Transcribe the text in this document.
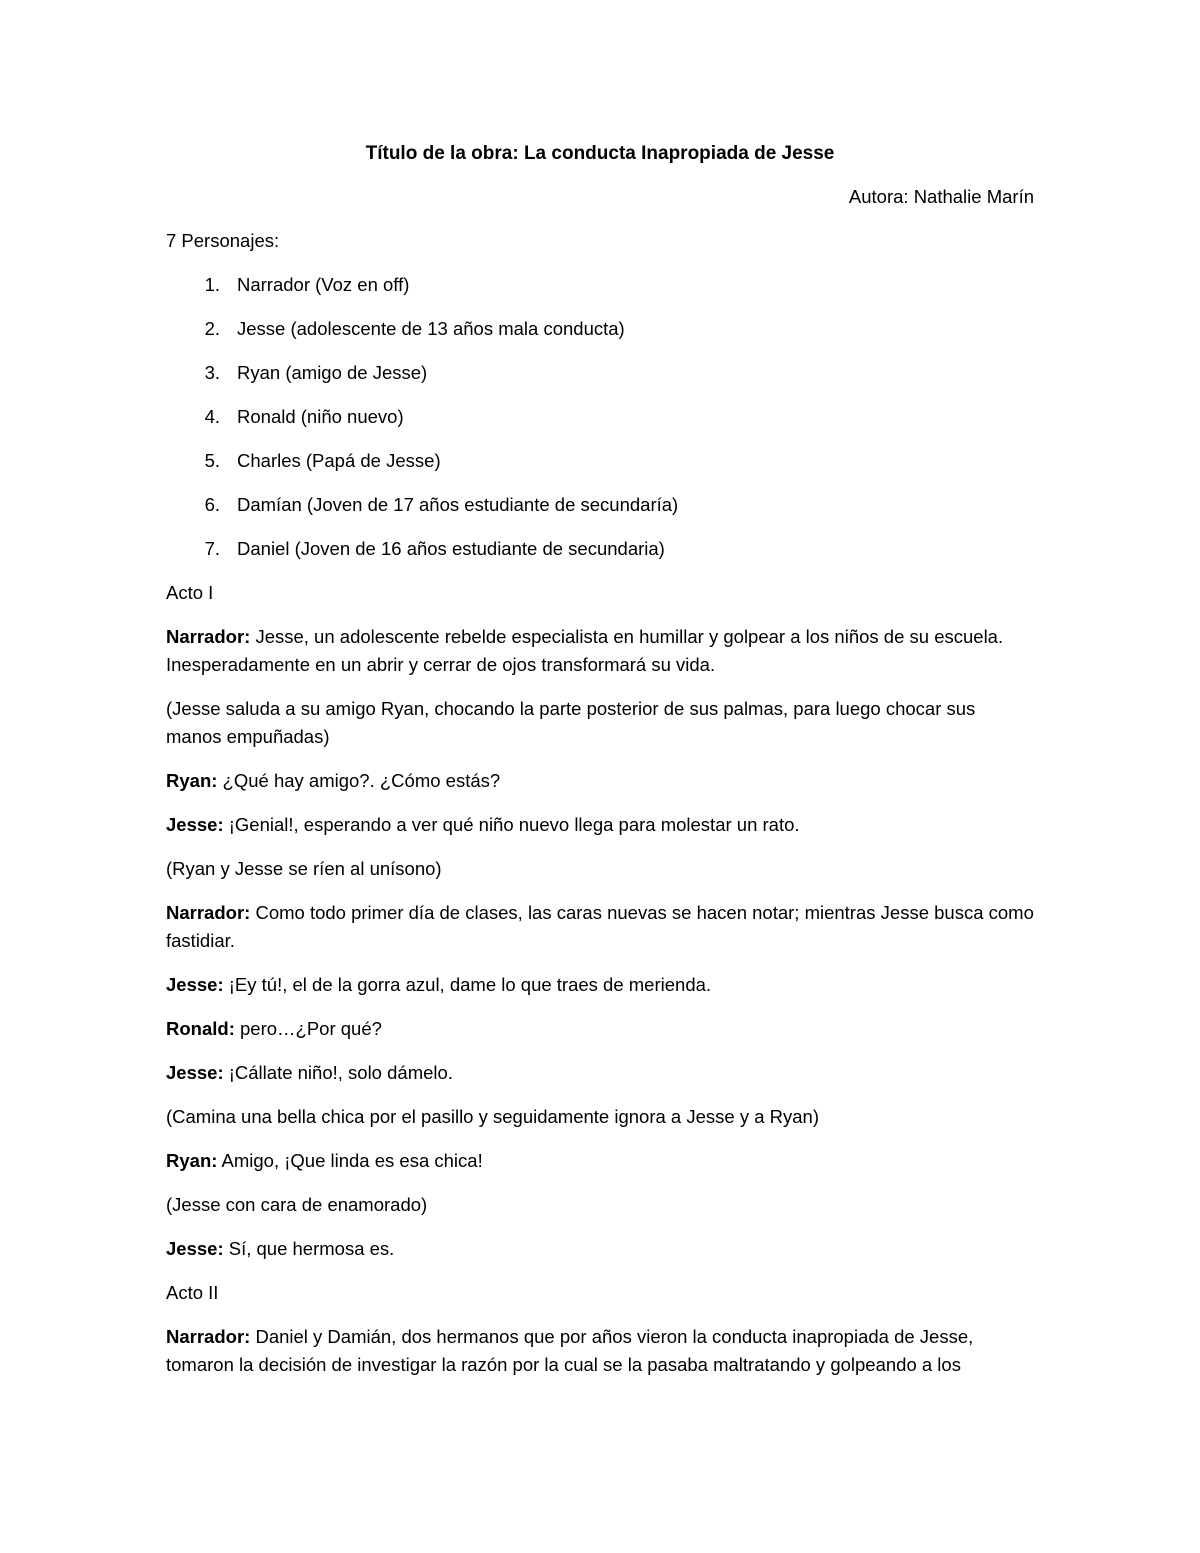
Título de la obra: La conducta Inapropiada de Jesse
Autora: Nathalie Marín
7 Personajes:
1. Narrador (Voz en off)
2. Jesse (adolescente de 13 años mala conducta)
3. Ryan (amigo de Jesse)
4. Ronald (niño nuevo)
5. Charles (Papá de Jesse)
6. Damían (Joven de 17 años estudiante de secundaría)
7. Daniel (Joven de 16 años estudiante de secundaria)
Acto I
Narrador: Jesse, un adolescente rebelde especialista en humillar y golpear a los niños de su escuela. Inesperadamente en un abrir y cerrar de ojos transformará su vida.
(Jesse saluda a su amigo Ryan, chocando la parte posterior de sus palmas, para luego chocar sus manos empuñadas)
Ryan: ¿Qué hay amigo?. ¿Cómo estás?
Jesse: ¡Genial!, esperando a ver qué niño nuevo llega para molestar un rato.
(Ryan y Jesse se ríen al unísono)
Narrador: Como todo primer día de clases, las caras nuevas se hacen notar; mientras Jesse busca como fastidiar.
Jesse: ¡Ey tú!, el de la gorra azul, dame lo que traes de merienda.
Ronald: pero…¿Por qué?
Jesse: ¡Cállate niño!, solo dámelo.
(Camina una bella chica por el pasillo y seguidamente ignora a Jesse y a Ryan)
Ryan: Amigo, ¡Que linda es esa chica!
(Jesse con cara de enamorado)
Jesse: Sí, que hermosa es.
Acto II
Narrador: Daniel y Damián, dos hermanos que por años vieron la conducta inapropiada de Jesse, tomaron la decisión de investigar la razón por la cual se la pasaba maltratando y golpeando a los
